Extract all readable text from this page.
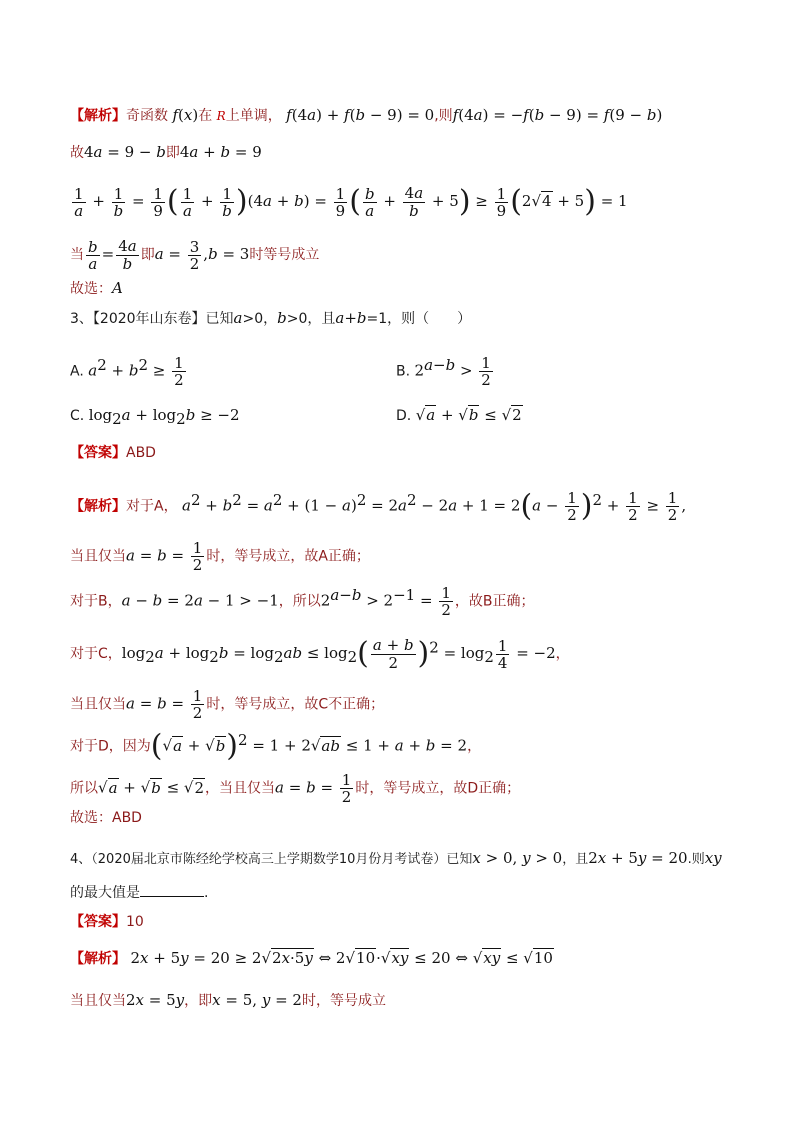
【解析】奇函数 f(x)在 R上单调， f(4a) + f(b − 9) = 0,则f(4a) = −f(b − 9) = f(9 − b)
故4a = 9 − b即4a + b = 9
$\frac{1}{a} + \frac{1}{b} = \frac{1}{9}$ ( $\frac{1}{a} + \frac{1}{b} )(4a + b) = \frac{1}{9}$ ( $\frac{b}{a} + \frac{4a}{b} + 5) \ge \frac{1}{9} (2√4 + 5) = 1$
当 $\frac{b}{a} = \frac{4a}{b}$ 即$a = \frac{3}{2} ,b = 3$时等号成立
故选：A
3、【2020年山东卷】已知a>0，b>0，且a+b=1，则（　　）
A. $a^2 + b^2 \ge \frac{1}{2}$	B. $2^{a-b} > \frac{1}{2}$
C. $\log_2a + \log_2b \ge -2$	D. √a + √b ≤ √2
【答案】ABD
【解析】对于A， $a^2 + b^2 = a^2 + (1 - a)^2 = 2a^2 - 2a + 1 = 2(a - \frac{1}{2} )^2 + \frac{1}{2} \ge \frac{1}{2}$ ,
当且仅当$a = b = \frac{1}{2}$ 时，等号成立，故A正确；
对于B，a − b = 2a − 1 > −1，所以$2^{a-b} > 2^{-1} = \frac{1}{2}$ ，故B正确；
对于C，$\log_2a + \log_2b = \log_2ab \le \log_2( \frac{a + b}{2} )^2 = \log_2 \frac{1}{4} = -2$，
当且仅当$a = b = \frac{1}{2}$ 时，等号成立，故C不正确；
对于D，因为$(√a + √b)^2 = 1 + 2√ab \le 1 + a + b = 2$，
所以√a + √b ≤ √2，当且仅当$a = b = \frac{1}{2}$ 时，等号成立，故D正确；
故选：ABD
4、（2020届北京市陈经纶学校高三上学期数学10月份月考试卷）已知x > 0, y > 0，且2x + 5y = 20.则xy
的最大值是	.
【答案】10
【解析】 2x + 5y = 20 ≥ 2√2x·5y ⇔ 2√10·√xy ≤ 20 ⇔ √xy ≤ √10
当且仅当2x = 5y，即x = 5, y = 2时，等号成立
